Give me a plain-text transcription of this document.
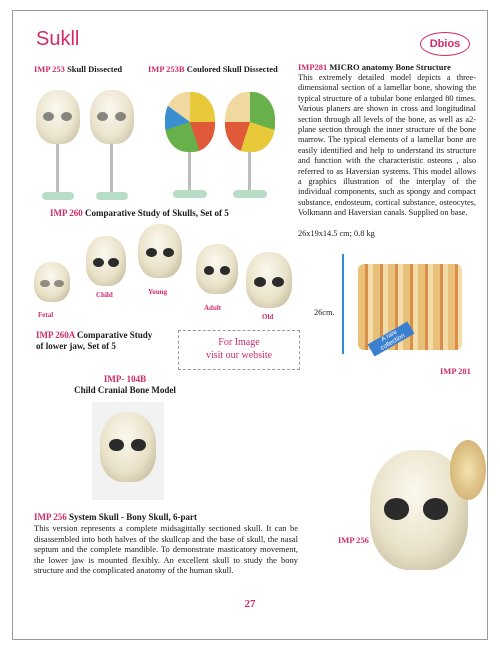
Sukll	Dbios
IMP 253 Skull Dissected	IMP 253B Coulored Skull Dissected IMP281 MICRO anatomy Bone Structure
This extremely detailed model depicts a three-dimensional section of a lamellar bone, showing the typical structure of a tubular bone enlarged 80 times. Various planers are shown in cross and longitudinal section through all levels of the bone, as well as a2-plane section through the inner structure of the bone marrow. The typical elements of a lamellar bone are easily identified and help to understand its structure and function with the characteristic osteons , also referred to as Haversian systems. This model allows a graphics illustration of the interplay of the individual components, such as spongy and compact substance, endosteum, cortical substance, osteocytes, Volkmann and Haversian canals. Supplied on base.
26x19x14.5 cm; 0.8 kg
A rare collection
26cm.
IMP 281
IMP 260 Comparative Study of Skulls, Set of 5
Fetal
Child	Young
Adult
Old
IMP 260A Comparative Study
of lower jaw, Set of 5	For Image
visit our website
IMP- 104B
Child Cranial Bone Model
IMP 256 System Skull - Bony Skull, 6-part
This version represents a complete midsagittally sectioned skull. It can be disassembled into both halves of the skullcap and the base of skull, the nasal septum and the complete mandible. To demonstrate masticatory movement, the lower jaw is mounted flexibly. An excellent skull to study the bony structure and the complicated anatomy of the human skull.
IMP 256
27
